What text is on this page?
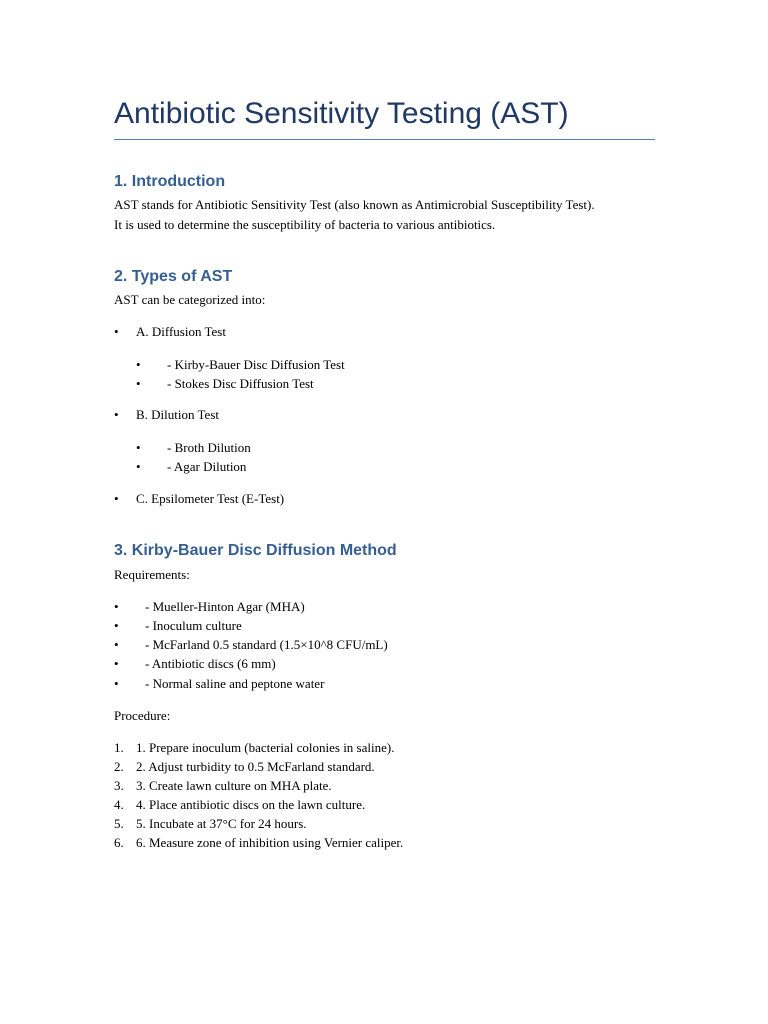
Antibiotic Sensitivity Testing (AST)
1. Introduction
AST stands for Antibiotic Sensitivity Test (also known as Antimicrobial Susceptibility Test).
It is used to determine the susceptibility of bacteria to various antibiotics.
2. Types of AST
AST can be categorized into:
• A. Diffusion Test
• - Kirby-Bauer Disc Diffusion Test
• - Stokes Disc Diffusion Test
• B. Dilution Test
• - Broth Dilution
• - Agar Dilution
• C. Epsilometer Test (E-Test)
3. Kirby-Bauer Disc Diffusion Method
Requirements:
• - Mueller-Hinton Agar (MHA)
• - Inoculum culture
• - McFarland 0.5 standard (1.5×10^8 CFU/mL)
• - Antibiotic discs (6 mm)
• - Normal saline and peptone water
Procedure:
1. 1. Prepare inoculum (bacterial colonies in saline).
2. 2. Adjust turbidity to 0.5 McFarland standard.
3. 3. Create lawn culture on MHA plate.
4. 4. Place antibiotic discs on the lawn culture.
5. 5. Incubate at 37°C for 24 hours.
6. 6. Measure zone of inhibition using Vernier caliper.
